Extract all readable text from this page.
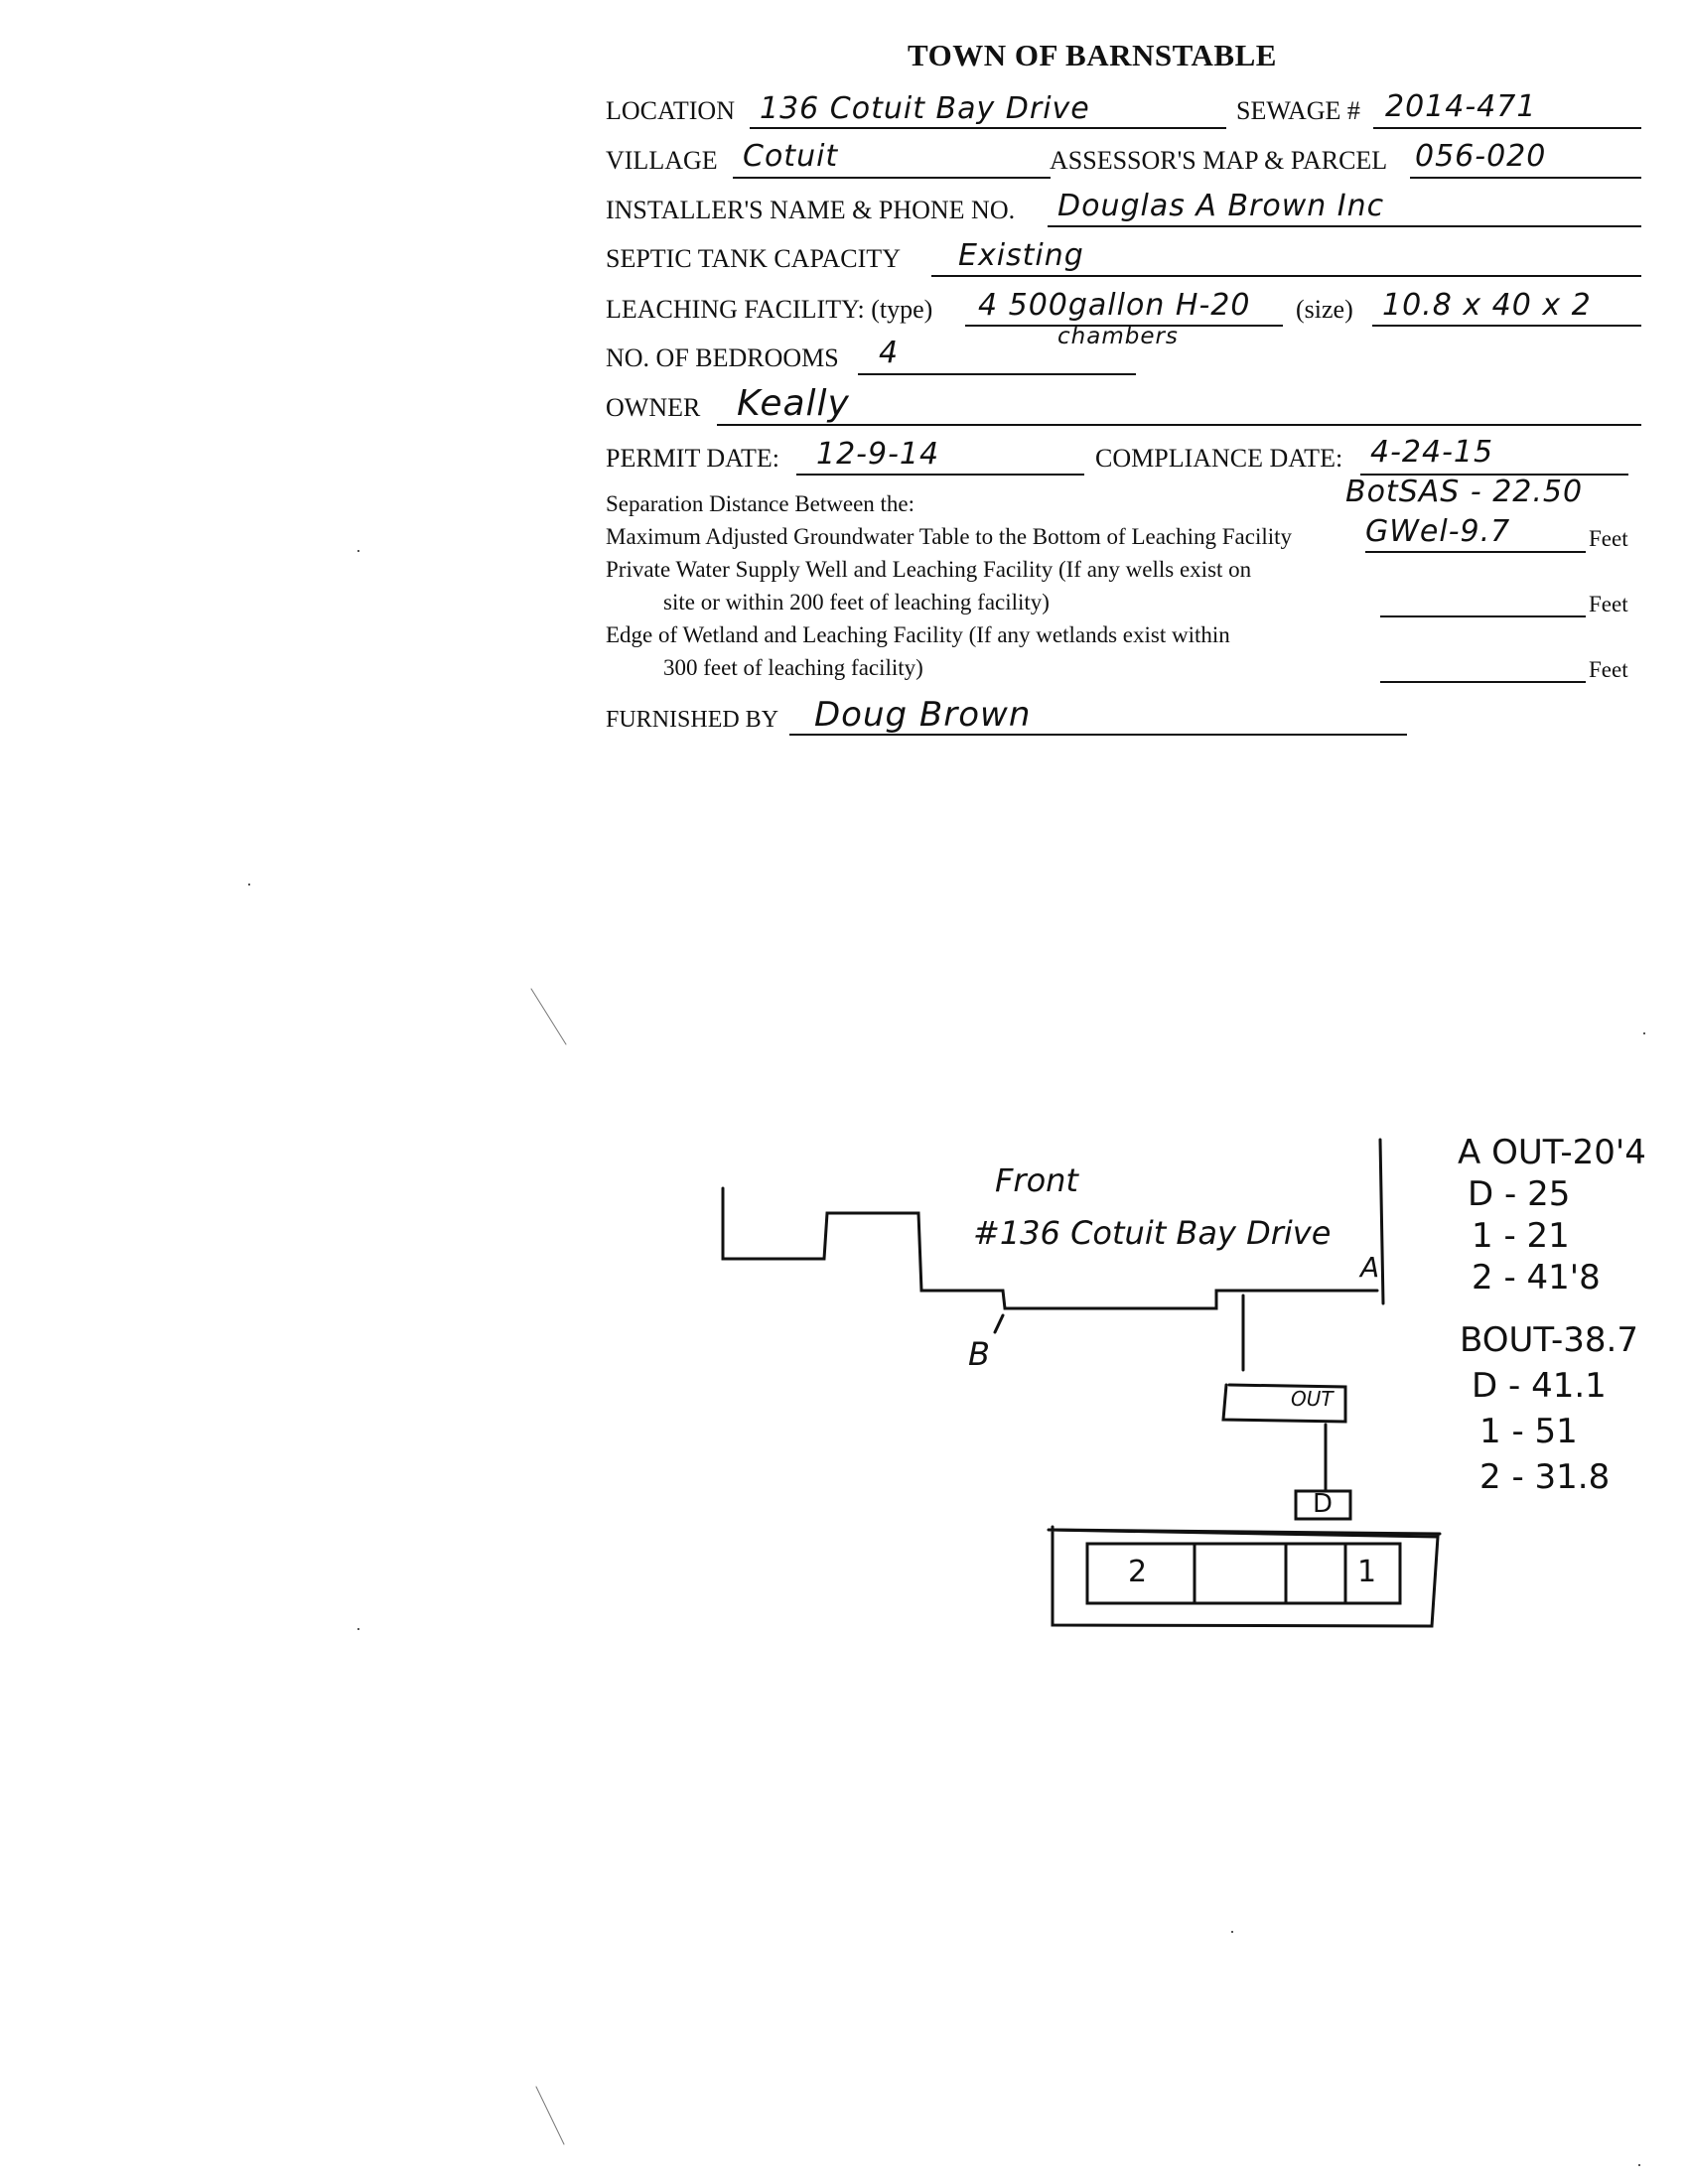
TOWN OF BARNSTABLE
LOCATION 136 Cotuit Bay Drive	SEWAGE # 2014-471
VILLAGE Cotuit	ASSESSOR'S MAP & PARCEL 056-020
INSTALLER'S NAME & PHONE NO. Douglas A Brown Inc
SEPTIC TANK CAPACITY Existing
LEACHING FACILITY: (type) 4 500gallon H-20
chambers
(size) 10.8 x 40 x 2
NO. OF BEDROOMS 4
OWNER Keally
PERMIT DATE: 12-9-14	COMPLIANCE DATE: 4-24-15
BotSAS - 22.50
Separation Distance Between the:
Maximum Adjusted Groundwater Table to the Bottom of Leaching Facility GWel-9.7	Feet
Private Water Supply Well and Leaching Facility (If any wells exist on
site or within 200 feet of leaching facility)	Feet
Edge of Wetland and Leaching Facility (If any wetlands exist within
300 feet of leaching facility)	Feet
FURNISHED BY Doug Brown
Front
#136 Cotuit Bay Drive
A
B
OUT
D
2	1
A OUT-20'4
D - 25
1 - 21
2 - 41'8
BOUT-38.7
D - 41.1
1 - 51
2 - 31.8
